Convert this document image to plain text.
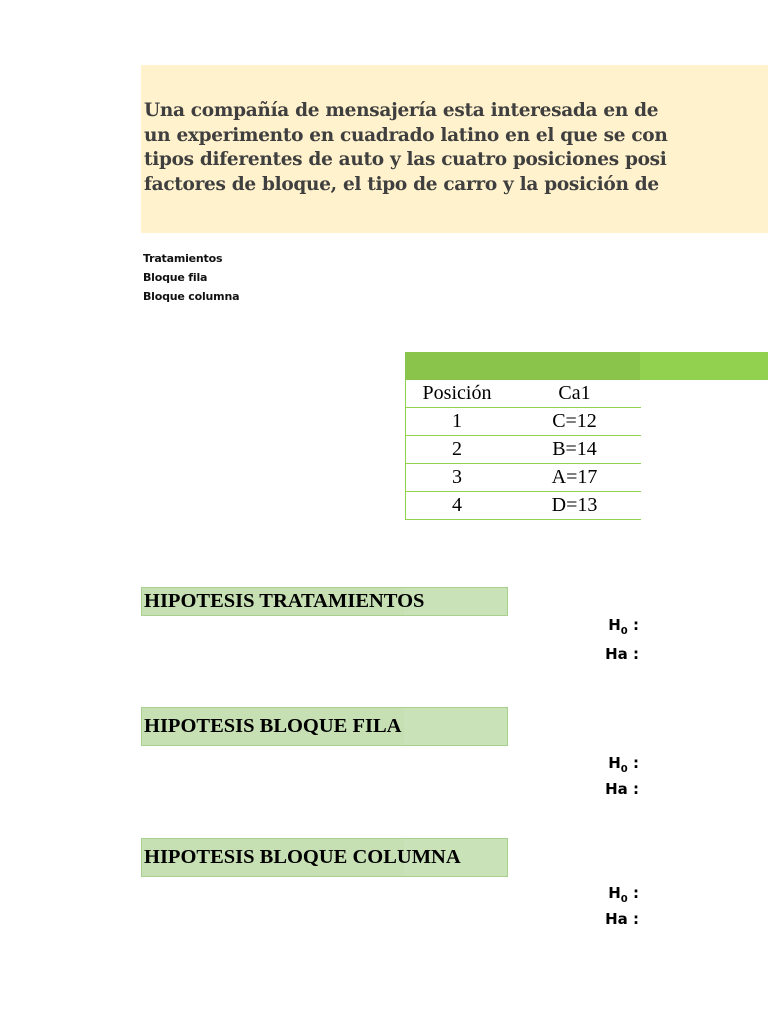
Una compañía de mensajería esta interesada en de
un experimento en cuadrado latino en el que se con
tipos diferentes de auto y las cuatro posiciones posi
factores de bloque, el tipo de carro y la posición de
Tratamientos
Bloque fila
Bloque columna
Posición	Ca1
1	C=12
2	B=14
3	A=17
4	D=13
HIPOTESIS TRATAMIENTOS
$H_0$ :
Ha :
HIPOTESIS BLOQUE FILA
$H_0$ :
Ha :
HIPOTESIS BLOQUE COLUMNA
$H_0$ :
Ha :
